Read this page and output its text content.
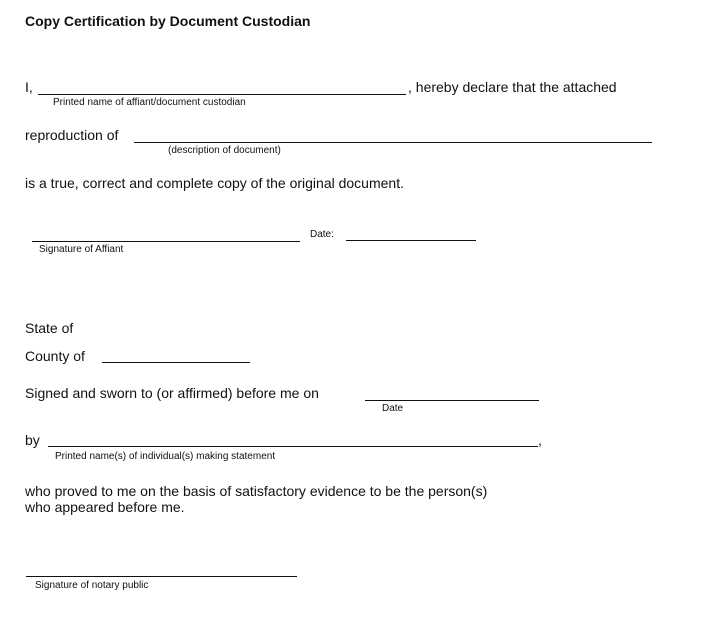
Copy Certification by Document Custodian
I,	, hereby declare that the attached
Printed name of affiant/document custodian
reproduction of
(description of document)
is a true, correct and complete copy of the original document.
Date:
Signature of Affiant
State of
County of
Signed and sworn to (or affirmed) before me on
Date
by	,
Printed name(s) of individual(s) making statement
who proved to me on the basis of satisfactory evidence to be the person(s)
who appeared before me.
Signature of notary public
